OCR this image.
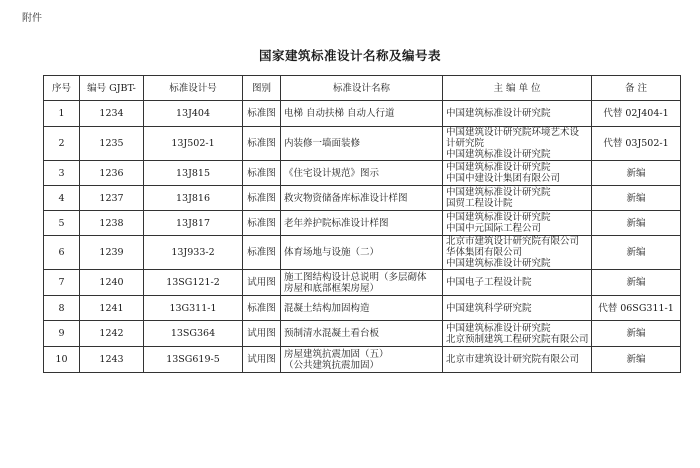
附件
国家建筑标准设计名称及编号表
序号	编号 GJBT-	标准设计号	图别	标准设计名称	主 编 单 位	备 注
1	1234	13J404	标准图	电梯 自动扶梯 自动人行道	中国建筑标准设计研究院	代替 02J404-1
2	1235	13J502-1	标准图	内装修一墙面装修	中国建筑设计研究院环境艺术设
计研究院
中国建筑标准设计研究院	代替 03J502-1
3	1236	13J815	标准图	《住宅设计规范》图示	中国建筑标准设计研究院
中国中建设计集团有限公司	新编
4	1237	13J816	标准图	救灾物资储备库标准设计样图	中国建筑标准设计研究院
国贸工程设计院	新编
5	1238	13J817	标准图	老年养护院标准设计样图	中国建筑标准设计研究院
中国中元国际工程公司	新编
6	1239	13J933-2	标准图	体育场地与设施（二）	北京市建筑设计研究院有限公司
华体集团有限公司
中国建筑标准设计研究院	新编
7	1240	13SG121-2	试用图	施工图结构设计总说明（多层砌体
房屋和底部框架房屋）	中国电子工程设计院	新编
8	1241	13G311-1	标准图	混凝土结构加固构造	中国建筑科学研究院	代替 06SG311-1
9	1242	13SG364	试用图	预制清水混凝土看台板	中国建筑标准设计研究院
北京预制建筑工程研究院有限公司	新编
10	1243	13SG619-5	试用图	房屋建筑抗震加固（五）
（公共建筑抗震加固）	北京市建筑设计研究院有限公司	新编
